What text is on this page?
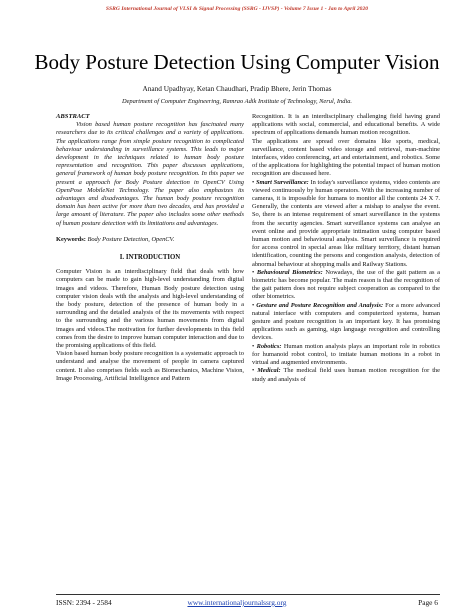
SSRG International Journal of VLSI & Signal Processing (SSRG - IJVSP) - Volume 7 Issue 1 - Jan to April 2020
Body Posture Detection Using Computer Vision
Anand Upadhyay, Ketan Chaudhari, Pradip Bhere, Jerin Thomas
Department of Computer Engineering, Ramrao Adik Institute of Technology, Nerul, India.

ABSTRACT

Vision based human posture recognition has fascinated many researchers due to its critical challenges and a variety of applications. The applications range from simple posture recognition to complicated behaviour understanding in surveillance systems. This leads to major development in the techniques related to human body posture representation and recognition. This paper discusses applications, general framework of human body posture recognition. In this paper we present a approach for Body Posture detection in OpenCV Using OpenPose MobileNet Technology. The paper also emphasizes its advantages and disadvantages. The human body posture recognition domain has been active for more than two decades, and has provided a large amount of literature. The paper also includes some other methods of human posture detection with its limitations and advantages.

Keywords: Body Posture Detection, OpenCV.

I. INTRODUCTION

Computer Vision is an interdisciplinary field that deals with how computers can be made to gain high-level understanding from digital images and videos. Therefore, Human Body posture detection using computer vision deals with the analysis and high-level understanding of the body posture, detection of the presence of human body in a surrounding and the detailed analysis of the its movements with respect to the surrounding and the various human movements from digital images and videos.The motivation for further developments in this field comes from the desire to improve human computer interaction and due to the promising applications of this field.

Vision based human body posture recognition is a systematic approach to understand and analyse the movement of people in camera captured content. It also comprises fields such as Biomechanics, Machine Vision, Image Processing, Artificial Intelligence and Pattern

Recognition. It is an interdisciplinary challenging field having grand applications with social, commercial, and educational benefits. A wide spectrum of applications demands human motion recognition.

The applications are spread over domains like sports, medical, surveillance, content based video storage and retrieval, man-machine interfaces, video conferencing, art and entertainment, and robotics. Some of the applications for highlighting the potential impact of human motion recognition are discussed here.

• Smart Surveillance: In today's surveillance systems, video contents are viewed continuously by human operators. With the increasing number of cameras, it is impossible for humans to monitor all the contents 24 X 7. Generally, the contents are viewed after a mishap to analyse the event. So, there is an intense requirement of smart surveillance in the systems from the security agencies. Smart surveillance systems can analyse an event online and provide appropriate intimation using computer based human motion and behavioural analysis. Smart surveillance is required for access control in special areas like military territory, distant human identification, counting the persons and congestion analysis, detection of abnormal behaviour at shopping malls and Railway Stations.

• Behavioural Biometrics: Nowadays, the use of the gait pattern as a biometric has become popular. The main reason is that the recognition of the gait pattern does not require subject cooperation as compared to the other biometrics.

• Gesture and Posture Recognition and Analysis: For a more advanced natural interface with computers and computerized systems, human gesture and posture recognition is an important key. It has promising applications such as gaming, sign language recognition and controlling devices.

• Robotics: Human motion analysis plays an important role in robotics for humanoid robot control, to imitate human motions in a robot in virtual and augmented environments.

• Medical: The medical field uses human motion recognition for the study and analysis of

ISSN: 2394 - 2584	www.internationaljournalssrg.org	Page 6
